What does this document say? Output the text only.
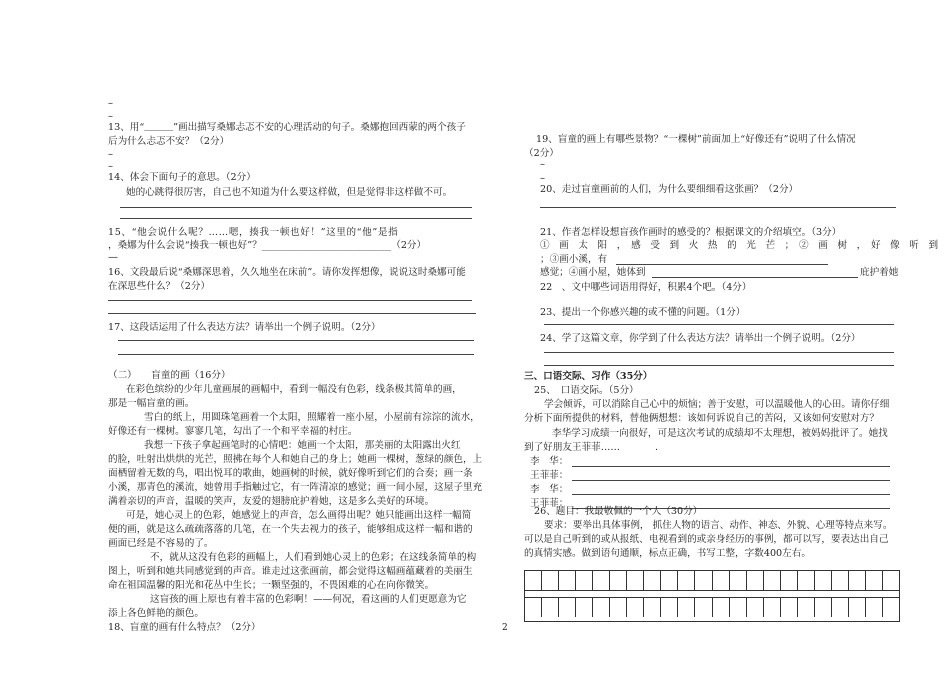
–
–
13、用“＿＿＿”画出描写桑娜忐忑不安的心理活动的句子。桑娜抱回西蒙的两个孩子
后为什么忐忑不安？（2分）
–
–
14、体会下面句子的意思。（2分）
她的心跳得很厉害，自己也不知道为什么要这样做，但是觉得非这样做不可。
15、“他会说什么呢？……嗯，揍我一顿也好！”这里的“他”是指
，桑娜为什么会说“揍我一顿也好”？___________________________（2分）
—
16、文段最后说“桑娜深思着，久久地坐在床前”。请你发挥想像，说说这时桑娜可能
在深思些什么？（2分）
17、这段话运用了什么表达方法？请举出一个例子说明。（2分）
（二）　　盲童的画（16分）
在彩色缤纷的少年儿童画展的画幅中，看到一幅没有色彩，线条极其简单的画，
那是一幅盲童的画。
雪白的纸上，用圆珠笔画着一个太阳，照耀着一座小屋，小屋前有淙淙的流水，
好像还有一棵树。寥寥几笔，勾出了一个和平幸福的村庄。
我想一下孩子拿起画笔时的心情吧：她画一个太阳，那美丽的太阳露出火红
的脸，吐射出烘烘的光芒，照拂在每个人和她自己的身上；她画一棵树，葱绿的颜色，上
面栖留着无数的鸟，唱出悦耳的歌曲，她画树的时候，就好像听到它们的合奏；画一条
小溪，那青色的溪流，她曾用手指触过它，有一阵清凉的感觉；画一间小屋，这屋子里充
满着亲切的声音，温暖的笑声，友爱的翅膀庇护着她，这是多么美好的环境。
可是，她心灵上的色彩，她感觉上的声音，怎么画得出呢？她只能画出这样一幅简
便的画，就是这么疏疏落落的几笔，在一个失去视力的孩子，能够组成这样一幅和谐的
画面已经是不容易的了。
不，就从这没有色彩的画幅上，人们看到她心灵上的色彩；在这线条简单的构
图上，听到和她共同感觉到的声音。谁走过这张画前，都会觉得这幅画蕴藏着的美丽生
命在祖国温馨的阳光和花丛中生长；一颗坚强的，不畏困难的心在向你微笑。
这盲孩的画上原也有着丰富的色彩啊！——何况，看这画的人们更愿意为它
添上各色鲜艳的颜色。
18、盲童的画有什么特点？（2分）
19、盲童的画上有哪些景物？“一棵树”前面加上“好像还有”说明了什么情况
（2分）
–
–
20、走过盲童画前的人们，为什么要细细看这张画？（2分）
21、作者怎样设想盲孩作画时的感受的？根据课文的介绍填空。（3分）
①　画　太　阳　，　感　受　到　火　热　的　光　芒　；　②　画　树　，　好　像　听　到
；③画小溪，有
感觉；④画小屋，她体到	庇护着她
22　、文中哪些词语用得好，积累4个吧。（4分）
23、提出一个你感兴趣的或不懂的问题。（1分）
24、学了这篇文章，你学到了什么表达方法？请举出一个例子说明。（2分）
三、口语交际、习作（35分）
25、　口语交际。（5分）
学会倾诉，可以消除自己心中的烦恼；善于安慰，可以温暖他人的心田。请你仔细
分析下面所提供的材料，替他俩想想：该如何诉说自己的苦闷，又该如何安慰对方？
李华学习成绩一向很好，可是这次考试的成绩却不太理想，被妈妈批评了。她找
到了好朋友王菲菲……	.
李　华：
王菲菲：
李　华：
王菲菲：
26、题目：我最敬佩的一个人（30分）
要求：要举出具体事例， 抓住人物的语言、动作、神态、外貌、心理等特点来写。
可以是自己听到的或从报纸、电视看到的或亲身经历的事例，都可以写，要表达出自己
的真情实感。做到语句通顺，标点正确，书写工整，字数400左右。
2
